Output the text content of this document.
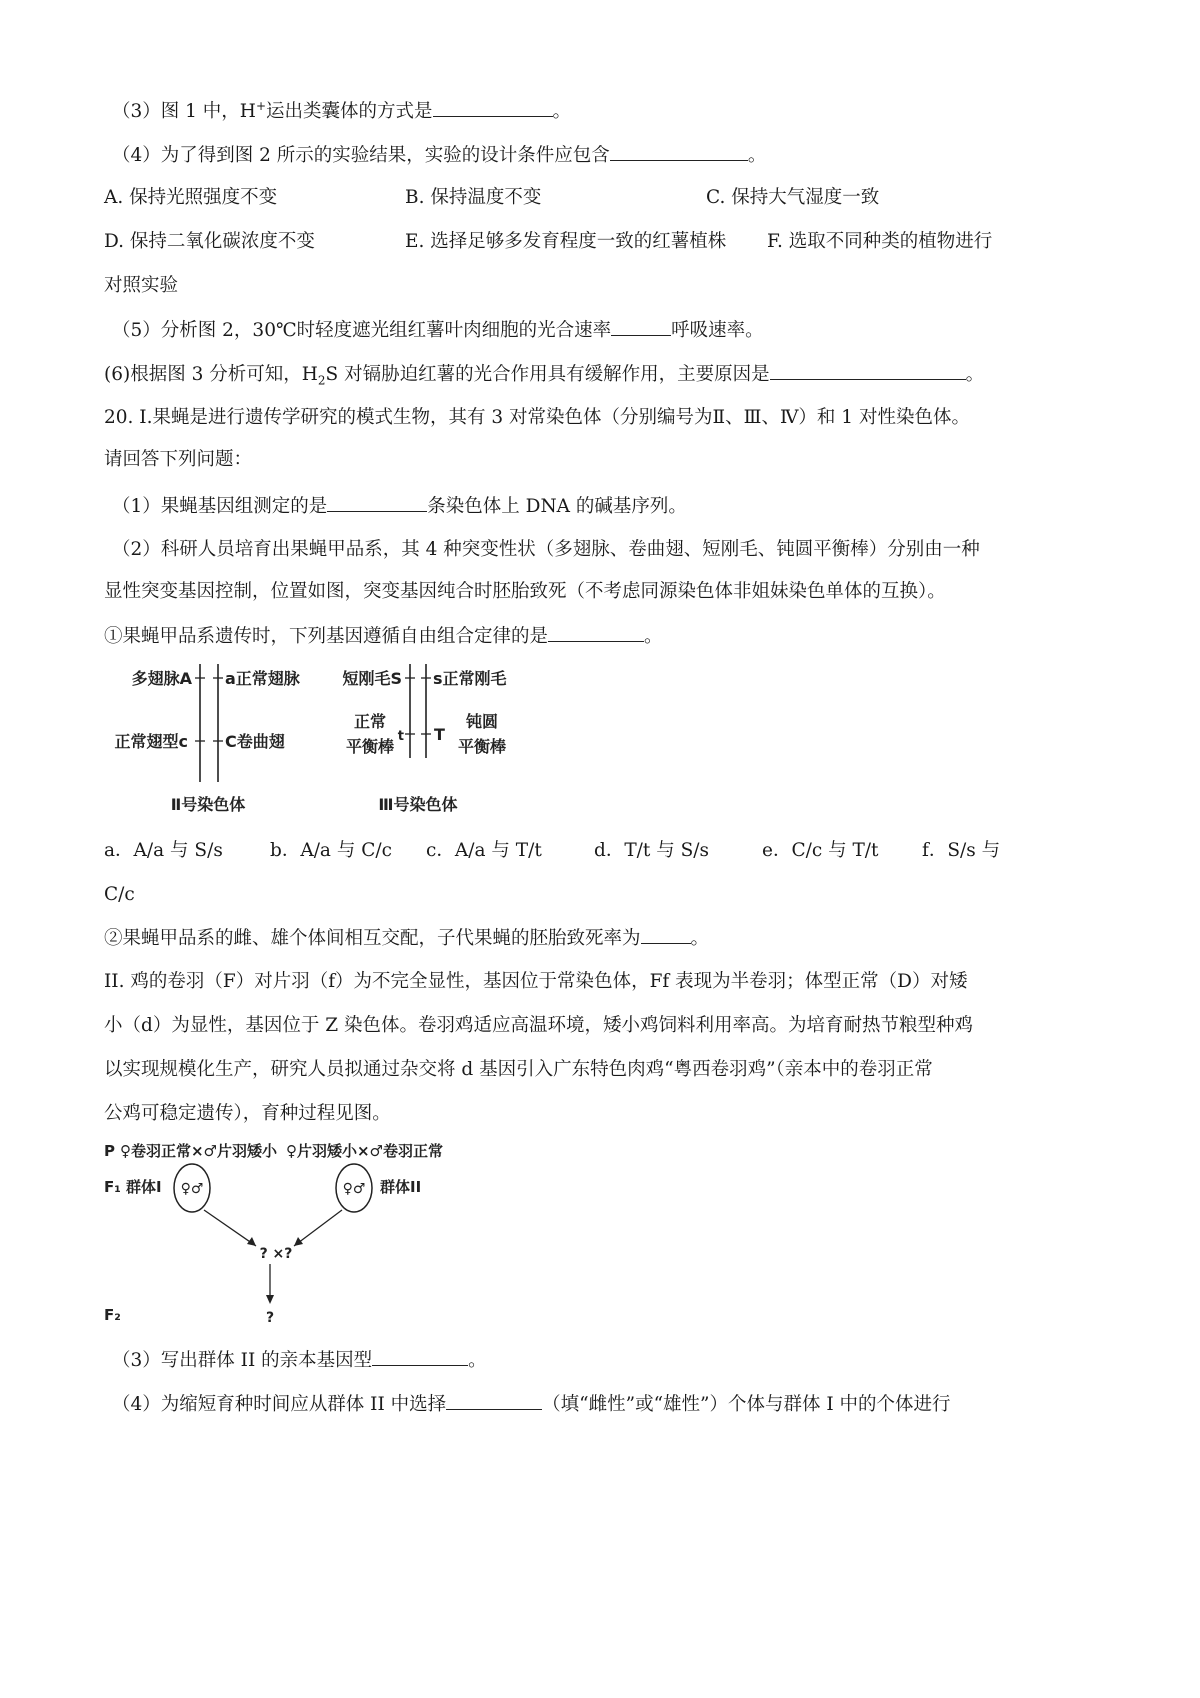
（3）图 1 中，H+运出类囊体的方式是	。
（4）为了得到图 2 所示的实验结果，实验的设计条件应包含	。
A. 保持光照强度不变	B. 保持温度不变	C. 保持大气湿度一致
D. 保持二氧化碳浓度不变	E. 选择足够多发育程度一致的红薯植株 F. 选取不同种类的植物进行
对照实验
（5）分析图 2，30℃时轻度遮光组红薯叶肉细胞的光合速率	呼吸速率。
(6)根据图 3 分析可知，$H_2S$ 对镉胁迫红薯的光合作用具有缓解作用，主要原因是	。
20. I.果蝇是进行遗传学研究的模式生物，其有 3 对常染色体（分别编号为Ⅱ、Ⅲ、Ⅳ）和 1 对性染色体。
请回答下列问题：
（1）果蝇基因组测定的是	条染色体上 DNA 的碱基序列。
（2）科研人员培育出果蝇甲品系，其 4 种突变性状（多翅脉、卷曲翅、短刚毛、钝圆平衡棒）分别由一种
显性突变基因控制，位置如图，突变基因纯合时胚胎致死（不考虑同源染色体非姐妹染色单体的互换）。
①果蝇甲品系遗传时，下列基因遵循自由组合定律的是	。
多翅脉A a正常翅脉
正常翅型c C卷曲翅
Ⅱ号染色体
短刚毛S s正常刚毛
正常
平衡棒
t T
钝圆
平衡棒
Ⅲ号染色体
a．A/a 与 S/s	b．A/a 与 C/c c．A/a 与 T/t	d．T/t 与 S/s	e．C/c 与 T/t f．S/s 与
C/c
②果蝇甲品系的雌、雄个体间相互交配，子代果蝇的胚胎致死率为	。
II. 鸡的卷羽（F）对片羽（f）为不完全显性，基因位于常染色体，Ff 表现为半卷羽；体型正常（D）对矮
小（d）为显性，基因位于 Z 染色体。卷羽鸡适应高温环境，矮小鸡饲料利用率高。为培育耐热节粮型种鸡
以实现规模化生产，研究人员拟通过杂交将 d 基因引入广东特色肉鸡“粤西卷羽鸡”（亲本中的卷羽正常
公鸡可稳定遗传），育种过程见图。
P ♀卷羽正常×♂片羽矮小 ♀片羽矮小×♂卷羽正常
F₁ 群体I ♀♂	♀♂ 群体II
? ×?
F₂	?
（3）写出群体 II 的亲本基因型	。
（4）为缩短育种时间应从群体 II 中选择	（填“雌性”或“雄性”）个体与群体 I 中的个体进行
